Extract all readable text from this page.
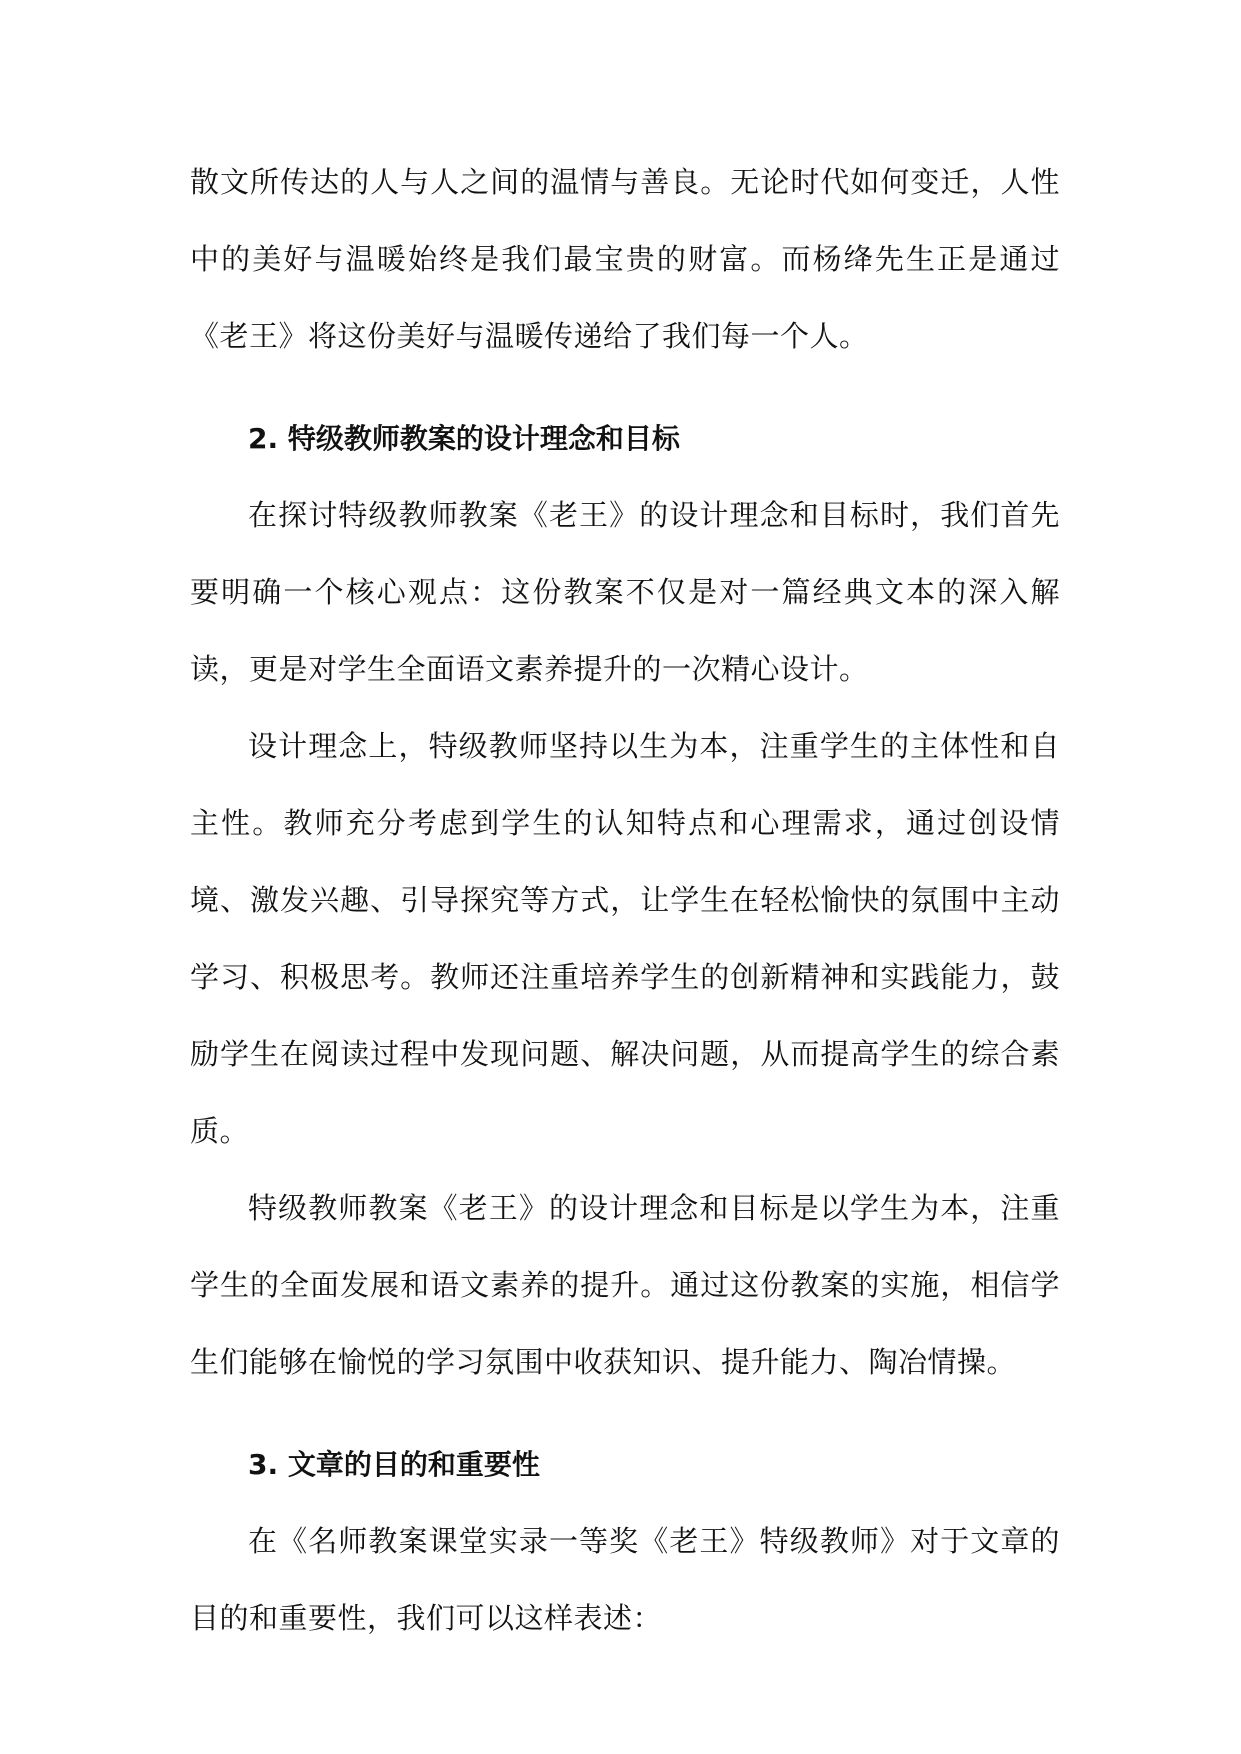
散文所传达的人与人之间的温情与善良。无论时代如何变迁，人性中的美好与温暖始终是我们最宝贵的财富。而杨绛先生正是通过《老王》将这份美好与温暖传递给了我们每一个人。

2. 特级教师教案的设计理念和目标

在探讨特级教师教案《老王》的设计理念和目标时，我们首先要明确一个核心观点：这份教案不仅是对一篇经典文本的深入解读，更是对学生全面语文素养提升的一次精心设计。

设计理念上，特级教师坚持以生为本，注重学生的主体性和自主性。教师充分考虑到学生的认知特点和心理需求，通过创设情境、激发兴趣、引导探究等方式，让学生在轻松愉快的氛围中主动学习、积极思考。教师还注重培养学生的创新精神和实践能力，鼓励学生在阅读过程中发现问题、解决问题，从而提高学生的综合素质。

特级教师教案《老王》的设计理念和目标是以学生为本，注重学生的全面发展和语文素养的提升。通过这份教案的实施，相信学生们能够在愉悦的学习氛围中收获知识、提升能力、陶冶情操。

3. 文章的目的和重要性

在《名师教案课堂实录一等奖《老王》特级教师》对于文章的目的和重要性，我们可以这样表述：
